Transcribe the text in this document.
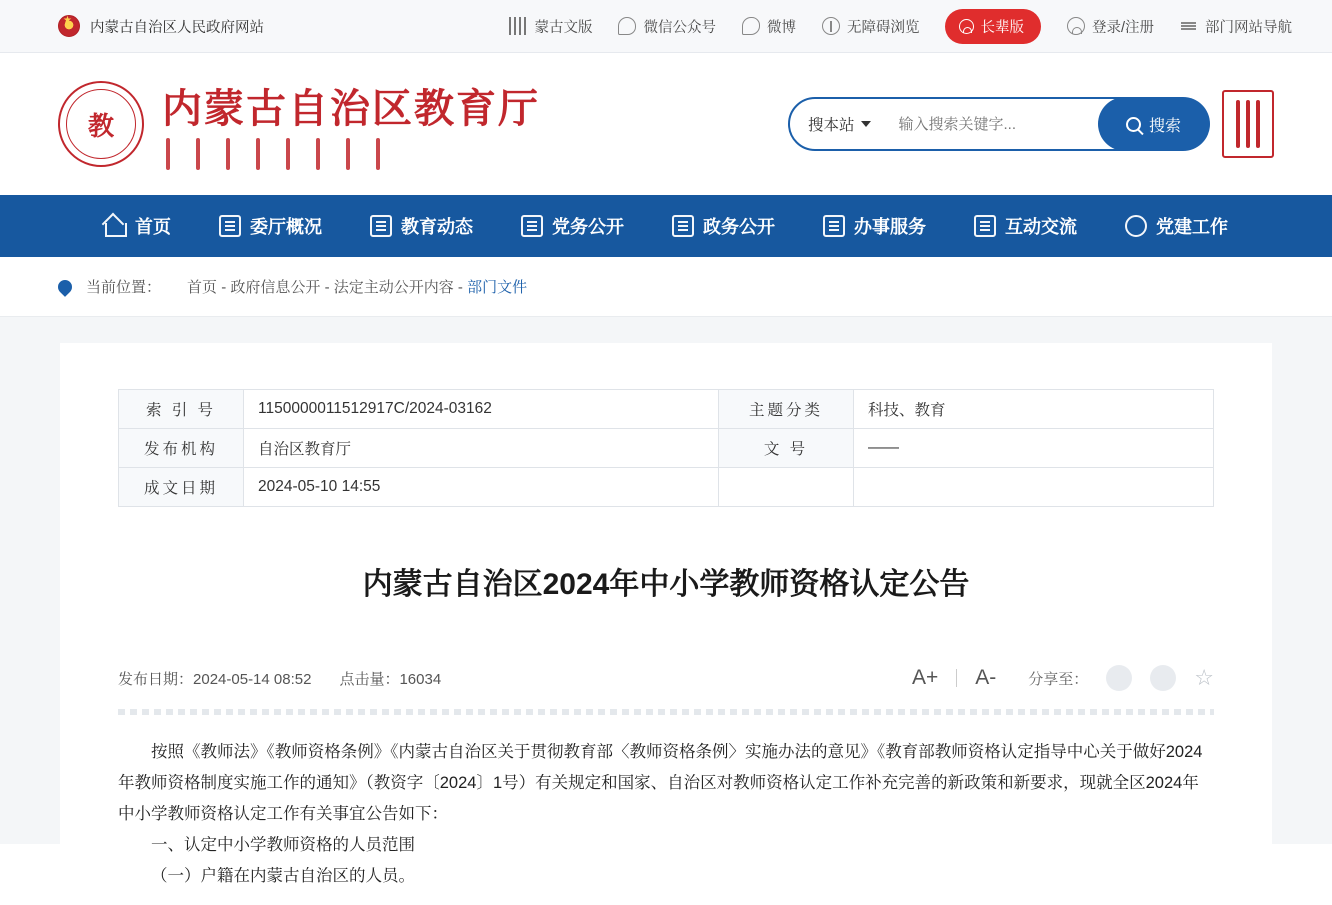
★
内蒙古自治区人民政府网站	蒙古文版	微信公众号	微博	无障碍浏览	长辈版	登录/注册	部门网站导航
教	内蒙古自治区教育厅	搜本站
输入搜索关键字...	搜索
首页	委厅概况	教育动态	党务公开	政务公开	办事服务	互动交流	党建工作
当前位置： 首页 - 政府信息公开 - 法定主动公开内容 - 部门文件
索 引 号	1150000011512917C/2024-03162	主题分类	科技、教育
发布机构	自治区教育厅	文 号	——
成文日期	2024-05-10 14:55		
内蒙古自治区2024年中小学教师资格认定公告
发布日期：2024-05-14 08:52 点击量：16034	A+ A- 分享至：	☆

按照《教师法》《教师资格条例》《内蒙古自治区关于贯彻教育部〈教师资格条例〉实施办法的意见》《教育部教师资格认定指导中心关于做好2024年教师资格制度实施工作的通知》（教资字〔2024〕1号）有关规定和国家、自治区对教师资格认定工作补充完善的新政策和新要求，现就全区2024年中小学教师资格认定工作有关事宜公告如下：

一、认定中小学教师资格的人员范围

（一）户籍在内蒙古自治区的人员。
